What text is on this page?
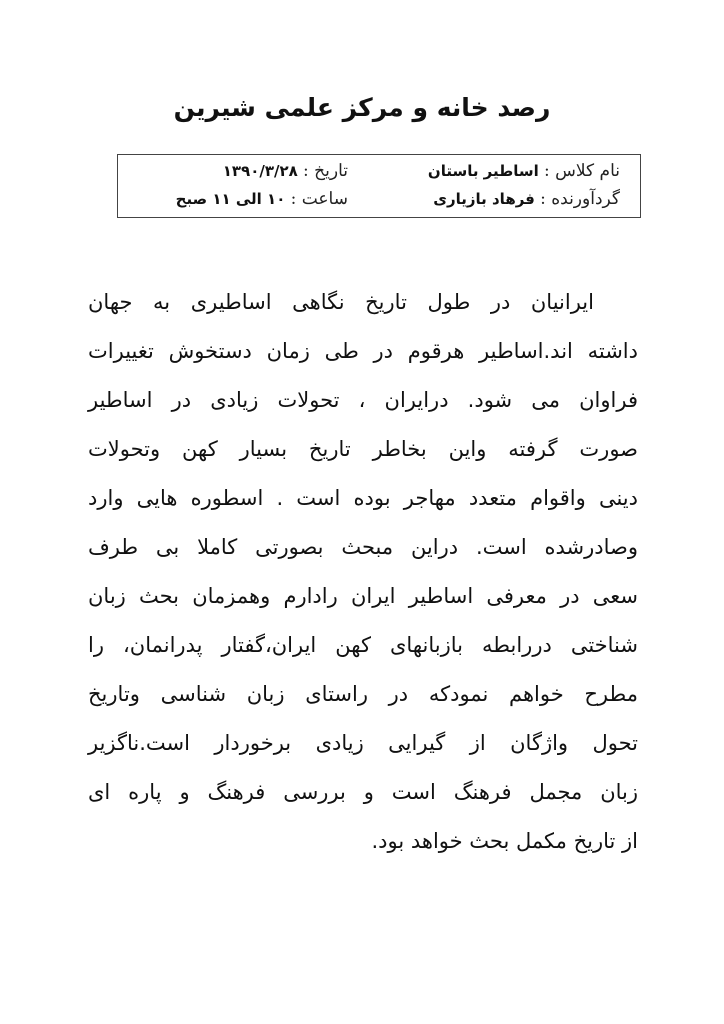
رصد خانه و مرکز علمی شیرین
نام کلاس : اساطیر باستان
گردآورنده : فرهاد بازیاری
تاریخ : ۱۳۹۰/۳/۲۸
ساعت : ۱۰ الی ۱۱ صبح
ایرانیان در طول تاریخ نگاهی اساطیری به جهان
داشته اند.اساطیر هرقوم در طی زمان دستخوش تغییرات
فراوان می شود. درایران ، تحولات زیادی در اساطیر
صورت گرفته واین بخاطر تاریخ بسیار کهن وتحولات
دینی واقوام متعدد مهاجر بوده است . اسطوره هایی وارد
وصادرشده است. دراین مبحث بصورتی کاملا بی طرف
سعی در معرفی اساطیر ایران رادارم وهمزمان بحث زبان
شناختی دررابطه بازبانهای کهن ایران،گفتار پدرانمان، را
مطرح خواهم نمودکه در راستای زبان شناسی وتاریخ
تحول واژگان از گیرایی زیادی برخوردار است.ناگزیر
زبان مجمل فرهنگ است و بررسی فرهنگ و پاره ای
از تاریخ مکمل بحث خواهد بود.
